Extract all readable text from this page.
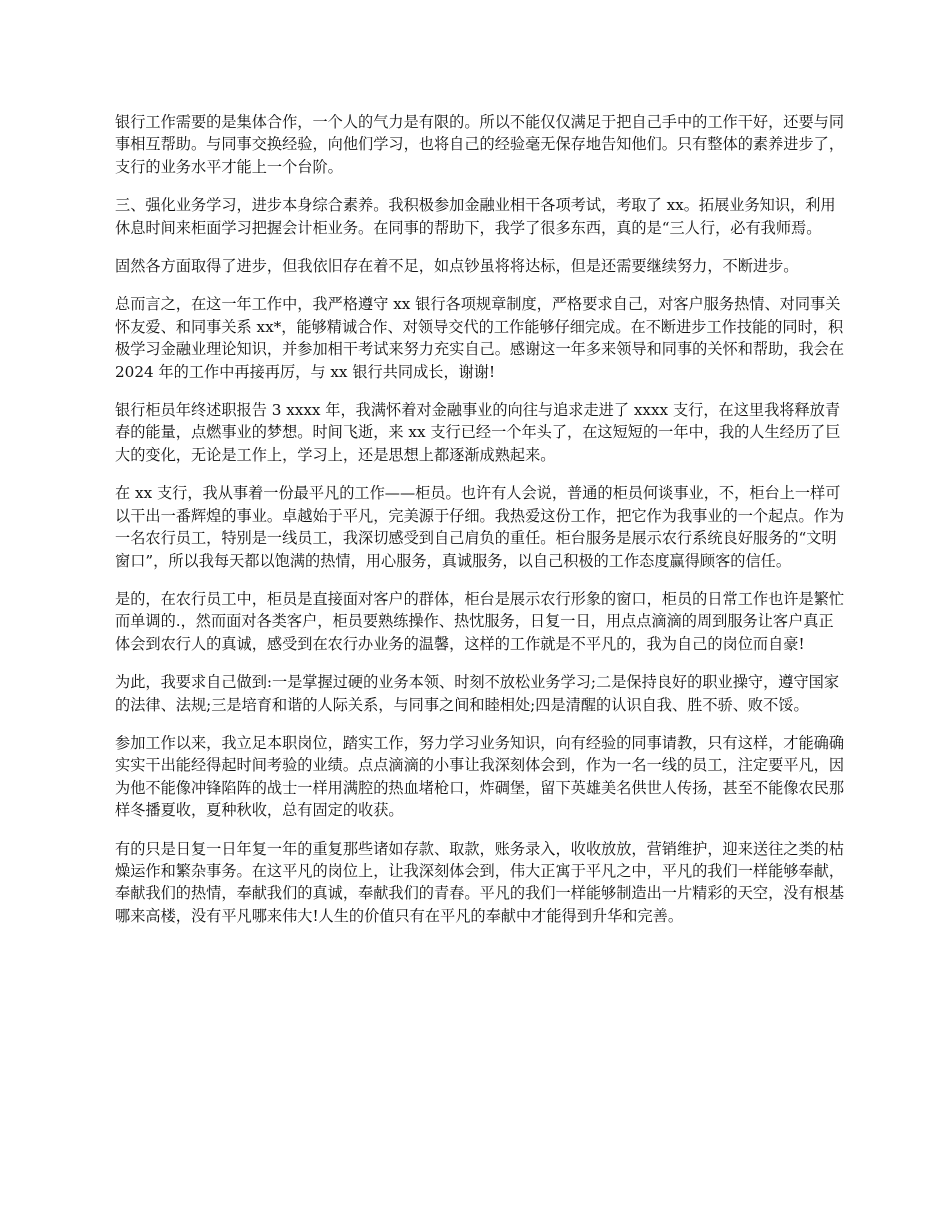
银行工作需要的是集体合作，一个人的气力是有限的。所以不能仅仅满足于把自己手中的工作干好，还要与同事相互帮助。与同事交换经验，向他们学习，也将自己的经验毫无保存地告知他们。只有整体的素养进步了，支行的业务水平才能上一个台阶。

三、强化业务学习，进步本身综合素养。我积极参加金融业相干各项考试，考取了 xx。拓展业务知识，利用休息时间来柜面学习把握会计柜业务。在同事的帮助下，我学了很多东西，真的是“三人行，必有我师焉。

固然各方面取得了进步，但我依旧存在着不足，如点钞虽将将达标，但是还需要继续努力，不断进步。

总而言之，在这一年工作中，我严格遵守 xx 银行各项规章制度，严格要求自己，对客户服务热情、对同事关怀友爱、和同事关系 xx*，能够精诚合作、对领导交代的工作能够仔细完成。在不断进步工作技能的同时，积极学习金融业理论知识，并参加相干考试来努力充实自己。感谢这一年多来领导和同事的关怀和帮助，我会在 2024 年的工作中再接再厉，与 xx 银行共同成长，谢谢!

银行柜员年终述职报告 3 xxxx 年，我满怀着对金融事业的向往与追求走进了 xxxx 支行，在这里我将释放青春的能量，点燃事业的梦想。时间飞逝，来 xx 支行已经一个年头了，在这短短的一年中，我的人生经历了巨大的变化，无论是工作上，学习上，还是思想上都逐渐成熟起来。

在 xx 支行，我从事着一份最平凡的工作——柜员。也许有人会说，普通的柜员何谈事业，不，柜台上一样可以干出一番辉煌的事业。卓越始于平凡，完美源于仔细。我热爱这份工作，把它作为我事业的一个起点。作为一名农行员工，特别是一线员工，我深切感受到自己肩负的重任。柜台服务是展示农行系统良好服务的“文明窗口”，所以我每天都以饱满的热情，用心服务，真诚服务，以自己积极的工作态度赢得顾客的信任。

是的，在农行员工中，柜员是直接面对客户的群体，柜台是展示农行形象的窗口，柜员的日常工作也许是繁忙而单调的.，然而面对各类客户，柜员要熟练操作、热忱服务，日复一日，用点点滴滴的周到服务让客户真正体会到农行人的真诚，感受到在农行办业务的温馨，这样的工作就是不平凡的，我为自己的岗位而自豪!

为此，我要求自己做到:一是掌握过硬的业务本领、时刻不放松业务学习;二是保持良好的职业操守，遵守国家的法律、法规;三是培育和谐的人际关系，与同事之间和睦相处;四是清醒的认识自我、胜不骄、败不馁。

参加工作以来，我立足本职岗位，踏实工作，努力学习业务知识，向有经验的同事请教，只有这样，才能确确实实干出能经得起时间考验的业绩。点点滴滴的小事让我深刻体会到，作为一名一线的员工，注定要平凡，因为他不能像冲锋陷阵的战士一样用满腔的热血堵枪口，炸碉堡，留下英雄美名供世人传扬，甚至不能像农民那样冬播夏收，夏种秋收，总有固定的收获。

有的只是日复一日年复一年的重复那些诸如存款、取款，账务录入，收收放放，营销维护，迎来送往之类的枯燥运作和繁杂事务。在这平凡的岗位上，让我深刻体会到，伟大正寓于平凡之中，平凡的我们一样能够奉献，奉献我们的热情，奉献我们的真诚，奉献我们的青春。平凡的我们一样能够制造出一片精彩的天空，没有根基哪来高楼，没有平凡哪来伟大!人生的价值只有在平凡的奉献中才能得到升华和完善。
